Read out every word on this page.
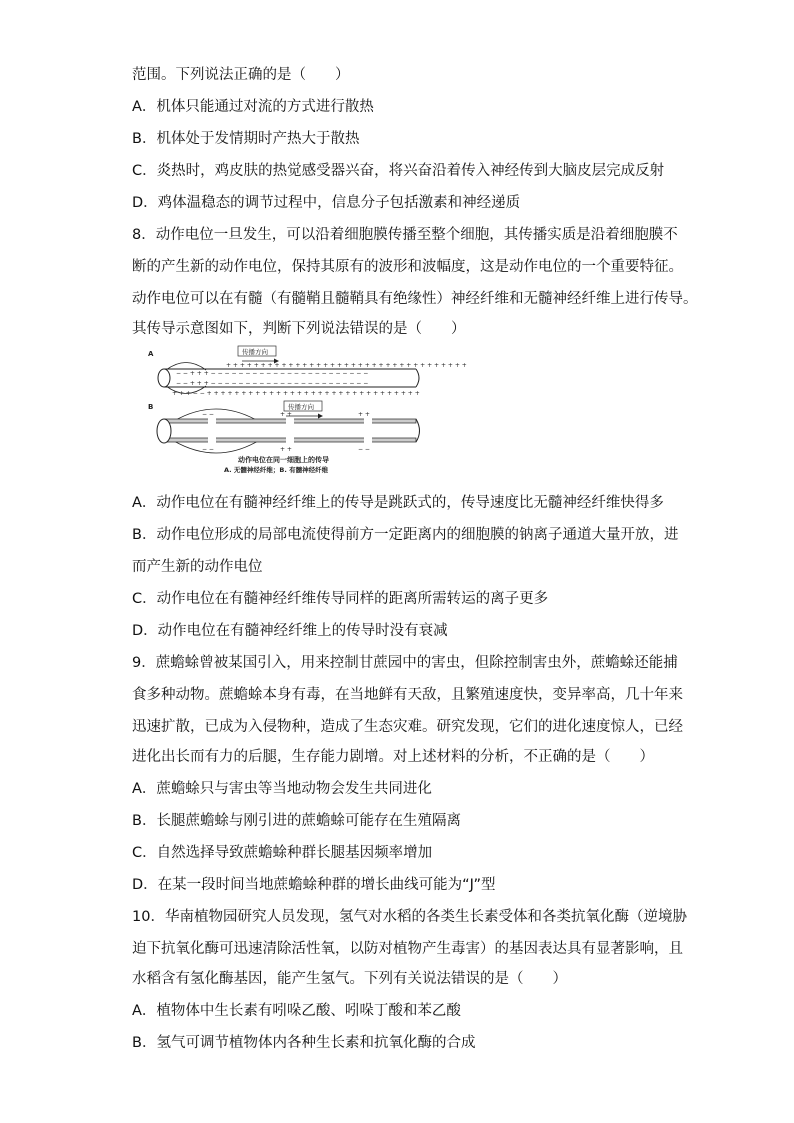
范围。下列说法正确的是（　　）
A．机体只能通过对流的方式进行散热
B．机体处于发情期时产热大于散热
C．炎热时，鸡皮肤的热觉感受器兴奋，将兴奋沿着传入神经传到大脑皮层完成反射
D．鸡体温稳态的调节过程中，信息分子包括激素和神经递质
8．动作电位一旦发生，可以沿着细胞膜传播至整个细胞，其传播实质是沿着细胞膜不
断的产生新的动作电位，保持其原有的波形和波幅度，这是动作电位的一个重要特征。
动作电位可以在有髓（有髓鞘且髓鞘具有绝缘性）神经纤维和无髓神经纤维上进行传导。
其传导示意图如下，判断下列说法错误的是（　　）
A
+ + + + + + + + + + + + + + + + + + + + + + + + + + + + + + + + + + +
传播方向
− − + + + − − − − − − − − − − − − − − − − − − − − − − −
− − + + + − − − − − − − − − − − − − − − − − − − − − − −
+ + + − − + + + + + + + + + + + + + + + + + + + + + + + + + + + + + + +
B	传播方向
− −	+ +	+ +
− −	+ +	− −
动作电位在同一细胞上的传导
A. 无髓神经纤维；B. 有髓神经纤维
A．动作电位在有髓神经纤维上的传导是跳跃式的，传导速度比无髓神经纤维快得多
B．动作电位形成的局部电流使得前方一定距离内的细胞膜的钠离子通道大量开放，进
而产生新的动作电位
C．动作电位在有髓神经纤维传导同样的距离所需转运的离子更多
D．动作电位在有髓神经纤维上的传导时没有衰减
9．蔗蟾蜍曾被某国引入，用来控制甘蔗园中的害虫，但除控制害虫外，蔗蟾蜍还能捕
食多种动物。蔗蟾蜍本身有毒，在当地鲜有天敌，且繁殖速度快，变异率高，几十年来
迅速扩散，已成为入侵物种，造成了生态灾难。研究发现，它们的进化速度惊人，已经
进化出长而有力的后腿，生存能力剧增。对上述材料的分析，不正确的是（　　）
A．蔗蟾蜍只与害虫等当地动物会发生共同进化
B．长腿蔗蟾蜍与刚引进的蔗蟾蜍可能存在生殖隔离
C．自然选择导致蔗蟾蜍种群长腿基因频率增加
D．在某一段时间当地蔗蟾蜍种群的增长曲线可能为“J”型
10．华南植物园研究人员发现，氢气对水稻的各类生长素受体和各类抗氧化酶（逆境胁
迫下抗氧化酶可迅速清除活性氧，以防对植物产生毒害）的基因表达具有显著影响，且
水稻含有氢化酶基因，能产生氢气。下列有关说法错误的是（　　）
A．植物体中生长素有吲哚乙酸、吲哚丁酸和苯乙酸
B．氢气可调节植物体内各种生长素和抗氧化酶的合成
